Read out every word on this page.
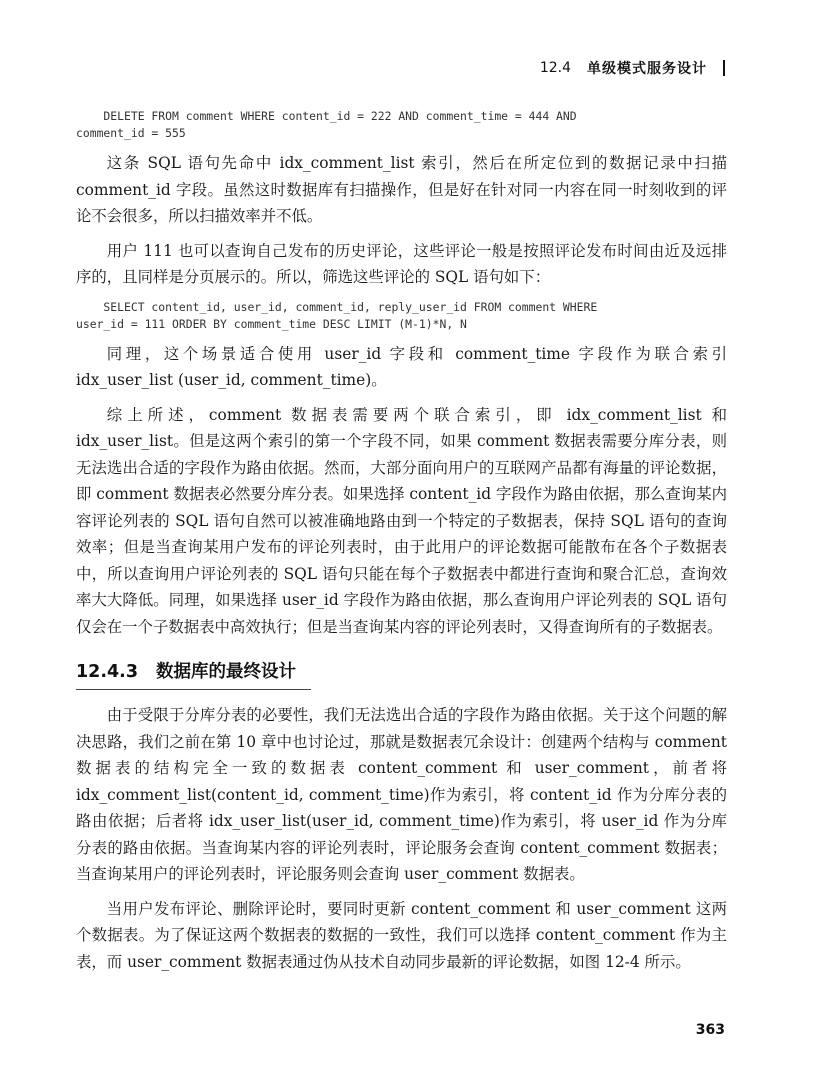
12.4 单级模式服务设计
DELETE FROM comment WHERE content_id = 222 AND comment_time = 444 AND
comment_id = 555

这条 SQL 语句先命中 idx_comment_list 索引，然后在所定位到的数据记录中扫描 comment_id 字段。虽然这时数据库有扫描操作，但是好在针对同一内容在同一时刻收到的评论不会很多，所以扫描效率并不低。

用户 111 也可以查询自己发布的历史评论，这些评论一般是按照评论发布时间由近及远排序的，且同样是分页展示的。所以，筛选这些评论的 SQL 语句如下：

SELECT content_id, user_id, comment_id, reply_user_id FROM comment WHERE
user_id = 111 ORDER BY comment_time DESC LIMIT (M-1)*N, N

同理，这个场景适合使用 user_id 字段和 comment_time 字段作为联合索引 idx_user_list (user_id, comment_time)。

综上所述，comment 数据表需要两个联合索引，即 idx_comment_list 和 idx_user_list。但是这两个索引的第一个字段不同，如果 comment 数据表需要分库分表，则无法选出合适的字段作为路由依据。然而，大部分面向用户的互联网产品都有海量的评论数据，即 comment 数据表必然要分库分表。如果选择 content_id 字段作为路由依据，那么查询某内容评论列表的 SQL 语句自然可以被准确地路由到一个特定的子数据表，保持 SQL 语句的查询效率；但是当查询某用户发布的评论列表时，由于此用户的评论数据可能散布在各个子数据表中，所以查询用户评论列表的 SQL 语句只能在每个子数据表中都进行查询和聚合汇总，查询效率大大降低。同理，如果选择 user_id 字段作为路由依据，那么查询用户评论列表的 SQL 语句仅会在一个子数据表中高效执行；但是当查询某内容的评论列表时，又得查询所有的子数据表。

12.4.3 数据库的最终设计

由于受限于分库分表的必要性，我们无法选出合适的字段作为路由依据。关于这个问题的解决思路，我们之前在第 10 章中也讨论过，那就是数据表冗余设计：创建两个结构与 comment 数据表的结构完全一致的数据表 content_comment 和 user_comment，前者将 idx_comment_list(content_id, comment_time)作为索引，将 content_id 作为分库分表的路由依据；后者将 idx_user_list(user_id, comment_time)作为索引，将 user_id 作为分库分表的路由依据。当查询某内容的评论列表时，评论服务会查询 content_comment 数据表；当查询某用户的评论列表时，评论服务则会查询 user_comment 数据表。

当用户发布评论、删除评论时，要同时更新 content_comment 和 user_comment 这两个数据表。为了保证这两个数据表的数据的一致性，我们可以选择 content_comment 作为主表，而 user_comment 数据表通过伪从技术自动同步最新的评论数据，如图 12-4 所示。

363
